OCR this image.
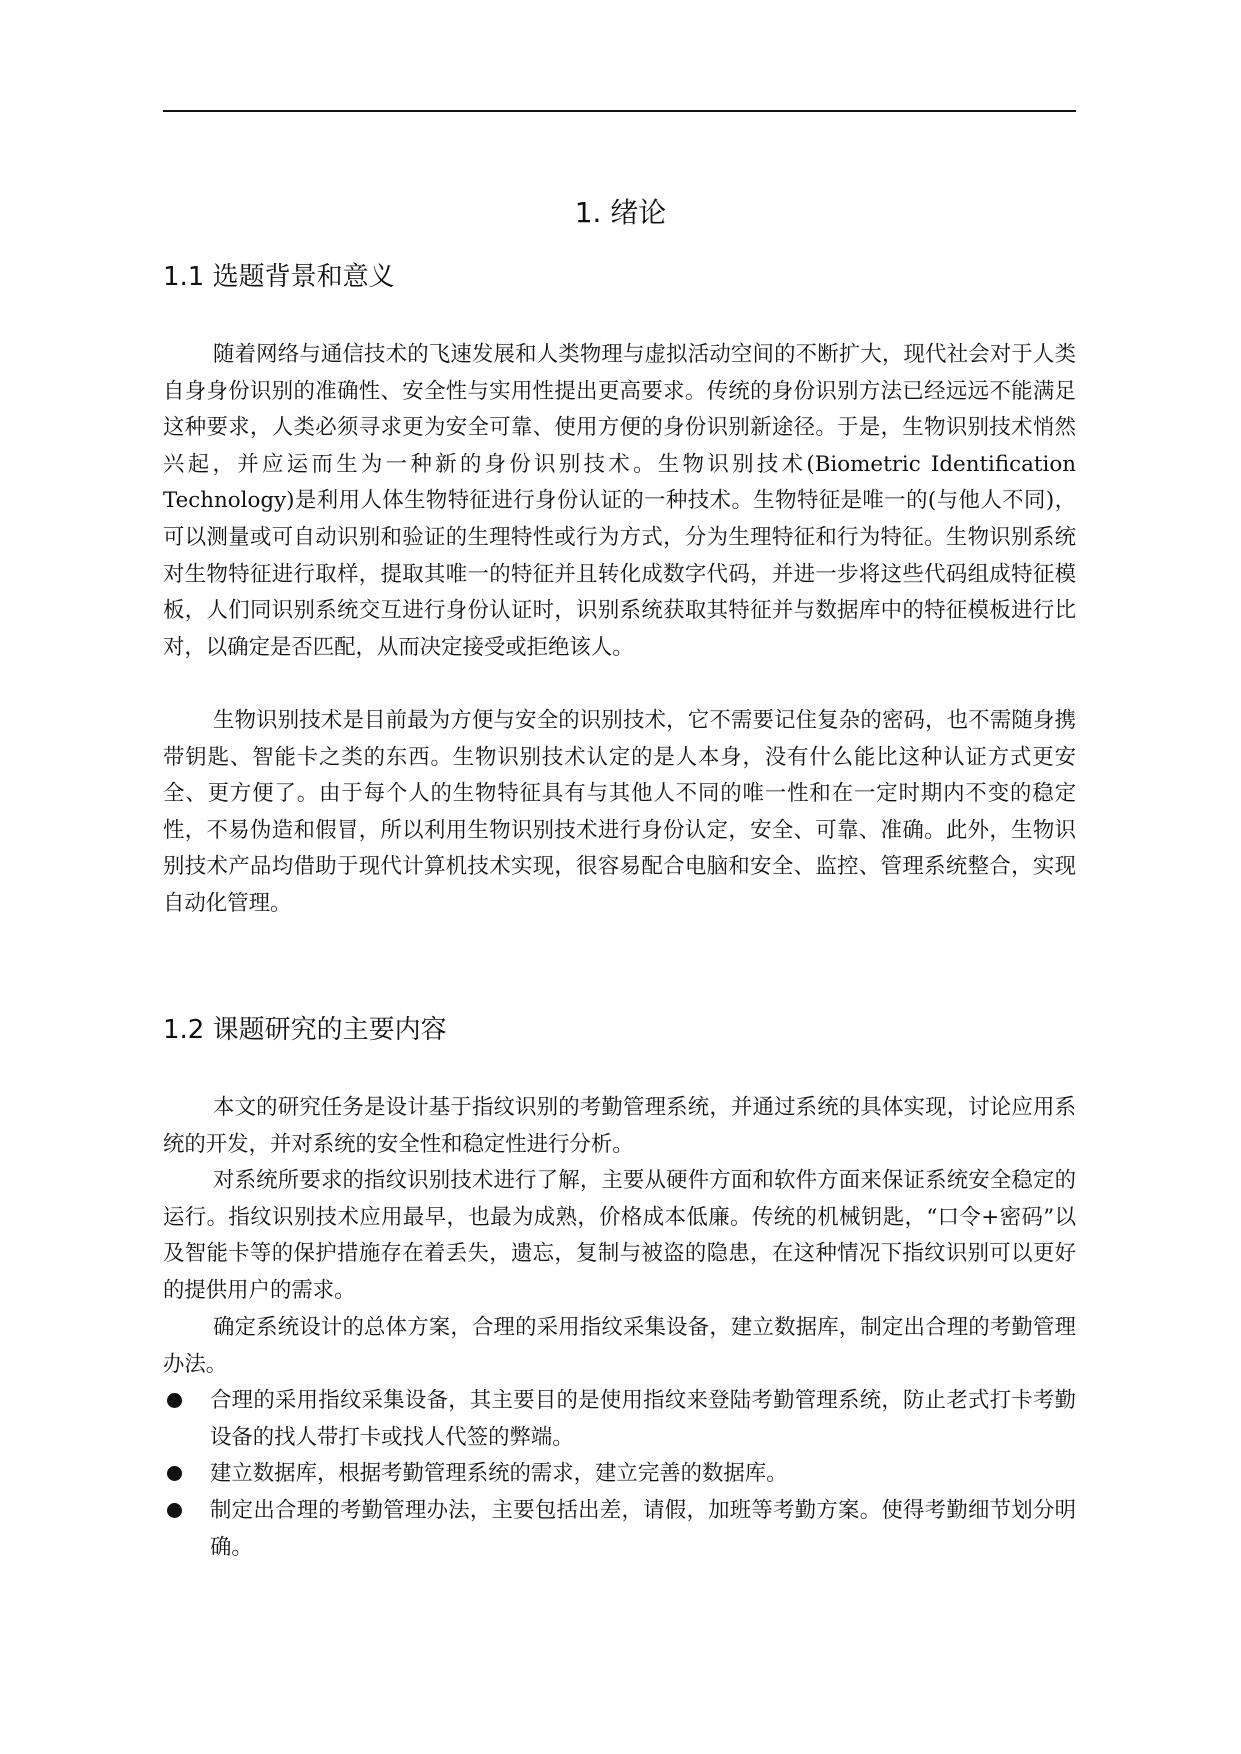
1. 绪论
1.1 选题背景和意义

随着网络与通信技术的飞速发展和人类物理与虚拟活动空间的不断扩大，现代社会对于人类自身身份识别的准确性、安全性与实用性提出更高要求。传统的身份识别方法已经远远不能满足这种要求，人类必须寻求更为安全可靠、使用方便的身份识别新途径。于是，生物识别技术悄然兴起，并应运而生为一种新的身份识别技术。生物识别技术(Biometric Identification Technology)是利用人体生物特征进行身份认证的一种技术。生物特征是唯一的(与他人不同)，可以测量或可自动识别和验证的生理特性或行为方式，分为生理特征和行为特征。生物识别系统对生物特征进行取样，提取其唯一的特征并且转化成数字代码，并进一步将这些代码组成特征模板，人们同识别系统交互进行身份认证时，识别系统获取其特征并与数据库中的特征模板进行比对，以确定是否匹配，从而决定接受或拒绝该人。

生物识别技术是目前最为方便与安全的识别技术，它不需要记住复杂的密码，也不需随身携带钥匙、智能卡之类的东西。生物识别技术认定的是人本身，没有什么能比这种认证方式更安全、更方便了。由于每个人的生物特征具有与其他人不同的唯一性和在一定时期内不变的稳定性，不易伪造和假冒，所以利用生物识别技术进行身份认定，安全、可靠、准确。此外，生物识别技术产品均借助于现代计算机技术实现，很容易配合电脑和安全、监控、管理系统整合，实现自动化管理。

1.2 课题研究的主要内容

本文的研究任务是设计基于指纹识别的考勤管理系统，并通过系统的具体实现，讨论应用系统的开发，并对系统的安全性和稳定性进行分析。

对系统所要求的指纹识别技术进行了解，主要从硬件方面和软件方面来保证系统安全稳定的运行。指纹识别技术应用最早，也最为成熟，价格成本低廉。传统的机械钥匙，“口令+密码”以及智能卡等的保护措施存在着丢失，遗忘，复制与被盗的隐患，在这种情况下指纹识别可以更好的提供用户的需求。

确定系统设计的总体方案，合理的采用指纹采集设备，建立数据库，制定出合理的考勤管理办法。

合理的采用指纹采集设备，其主要目的是使用指纹来登陆考勤管理系统，防止老式打卡考勤设备的找人带打卡或找人代签的弊端。
建立数据库，根据考勤管理系统的需求，建立完善的数据库。
制定出合理的考勤管理办法，主要包括出差，请假，加班等考勤方案。使得考勤细节划分明确。
